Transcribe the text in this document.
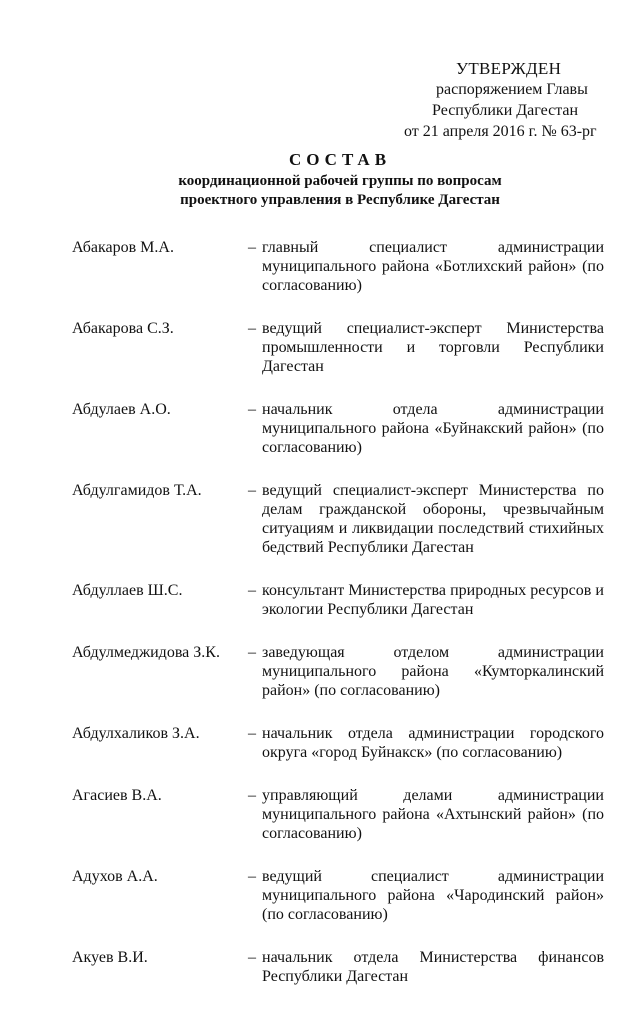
УТВЕРЖДЕН
распоряжением Главы
Республики Дагестан
от 21 апреля 2016 г. № 63-рг
СОСТАВ
координационной рабочей группы по вопросам
проектного управления в Республике Дагестан
Абакаров М.А.	– главный специалист администрации муниципального района «Ботлихский район» (по согласованию)
Абакарова С.З.	– ведущий специалист-эксперт Министерства промышленности и торговли Республики Дагестан
Абдулаев А.О.	– начальник отдела администрации муниципального района «Буйнакский район» (по согласованию)
Абдулгамидов Т.А.	– ведущий специалист-эксперт Министерства по делам гражданской обороны, чрезвычайным ситуациям и ликвидации последствий стихийных бедствий Республики Дагестан
Абдуллаев Ш.С.	– консультант Министерства природных ресурсов и экологии Республики Дагестан
Абдулмеджидова З.К.	– заведующая отделом администрации муниципального района «Кумторкалинский район» (по согласованию)
Абдулхаликов З.А.	– начальник отдела администрации городского округа «город Буйнакск» (по согласованию)
Агасиев В.А.	– управляющий делами администрации муниципального района «Ахтынский район» (по согласованию)
Адухов А.А.	– ведущий специалист администрации муниципального района «Чародинский район» (по согласованию)
Акуев В.И.	– начальник отдела Министерства финансов Республики Дагестан
